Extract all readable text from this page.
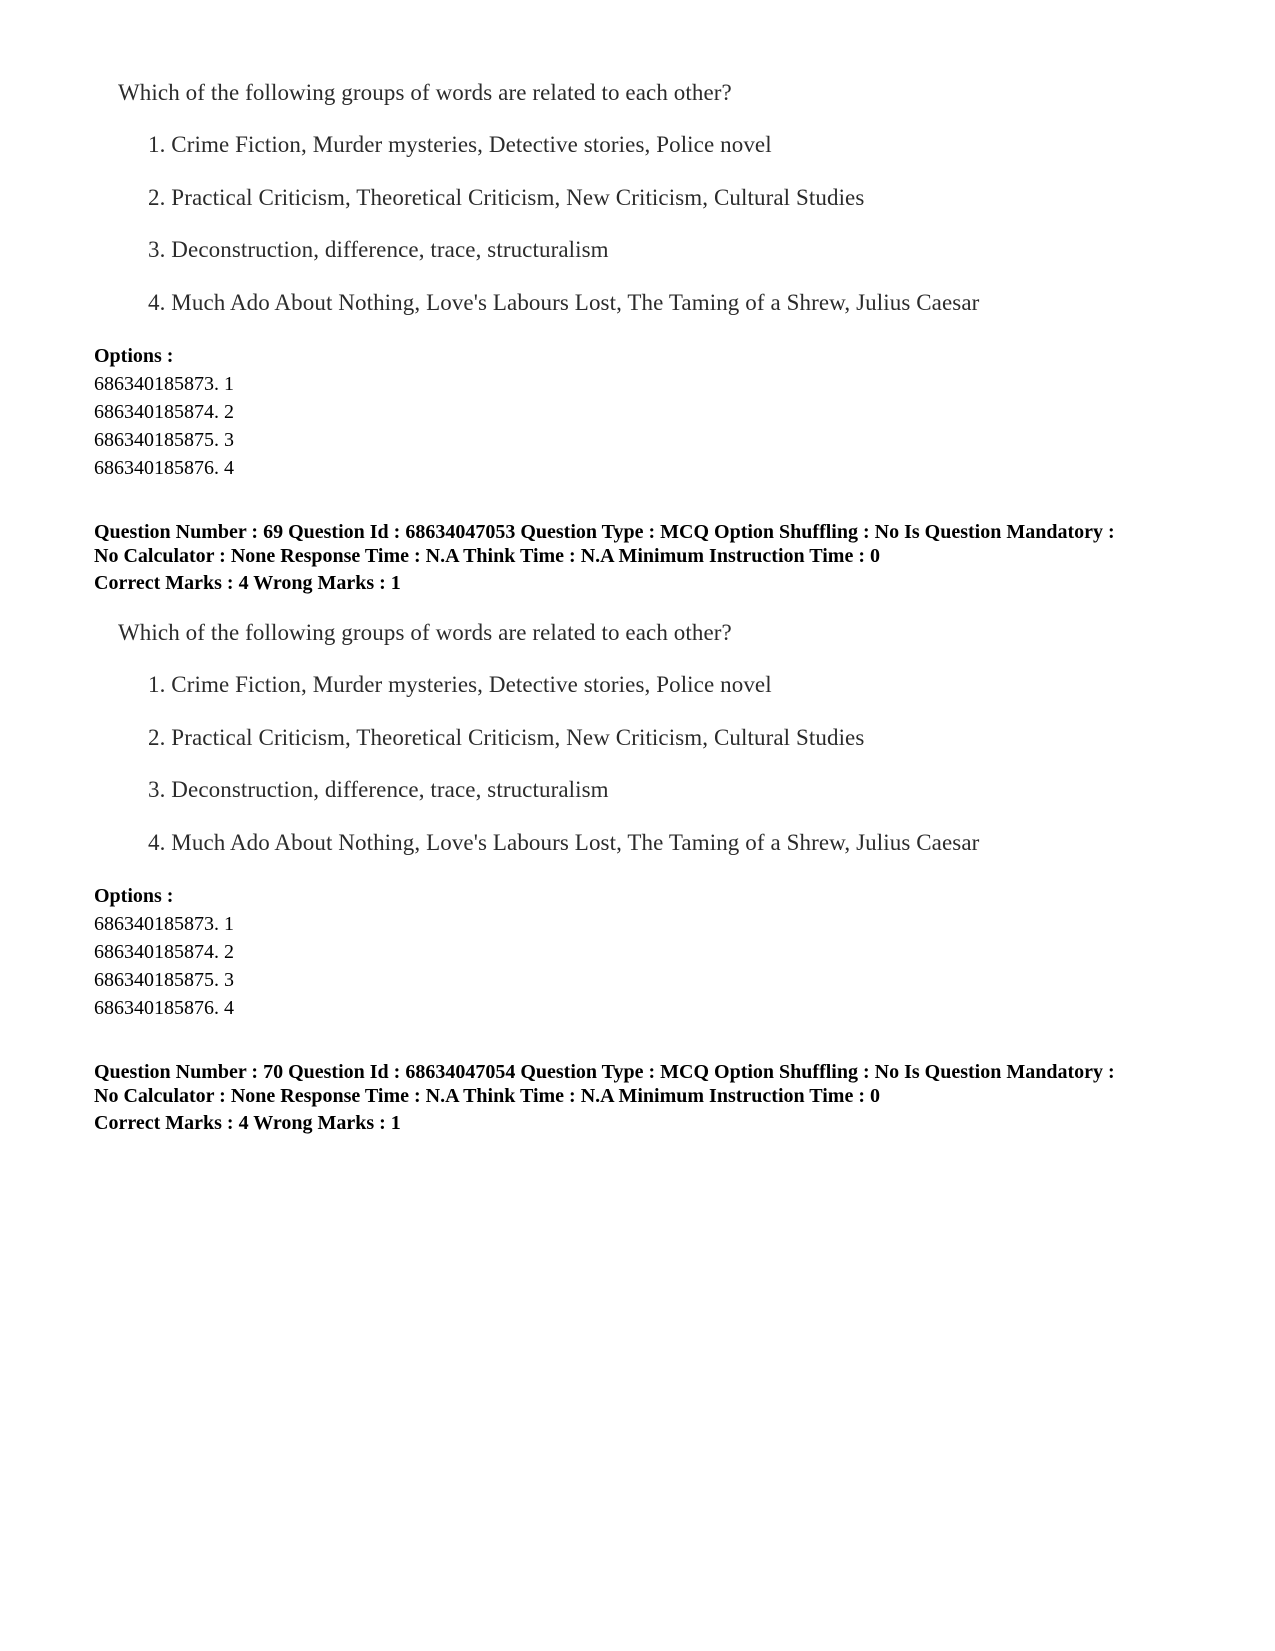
Which of the following groups of words are related to each other?
1. Crime Fiction, Murder mysteries, Detective stories, Police novel
2. Practical Criticism, Theoretical Criticism, New Criticism, Cultural Studies
3. Deconstruction, difference, trace, structuralism
4. Much Ado About Nothing, Love's Labours Lost, The Taming of a Shrew, Julius Caesar
Options :
686340185873. 1
686340185874. 2
686340185875. 3
686340185876. 4
Question Number : 69 Question Id : 68634047053 Question Type : MCQ Option Shuffling : No Is Question Mandatory :
No Calculator : None Response Time : N.A Think Time : N.A Minimum Instruction Time : 0
Correct Marks : 4 Wrong Marks : 1
Which of the following groups of words are related to each other?
1. Crime Fiction, Murder mysteries, Detective stories, Police novel
2. Practical Criticism, Theoretical Criticism, New Criticism, Cultural Studies
3. Deconstruction, difference, trace, structuralism
4. Much Ado About Nothing, Love's Labours Lost, The Taming of a Shrew, Julius Caesar
Options :
686340185873. 1
686340185874. 2
686340185875. 3
686340185876. 4
Question Number : 70 Question Id : 68634047054 Question Type : MCQ Option Shuffling : No Is Question Mandatory :
No Calculator : None Response Time : N.A Think Time : N.A Minimum Instruction Time : 0
Correct Marks : 4 Wrong Marks : 1
